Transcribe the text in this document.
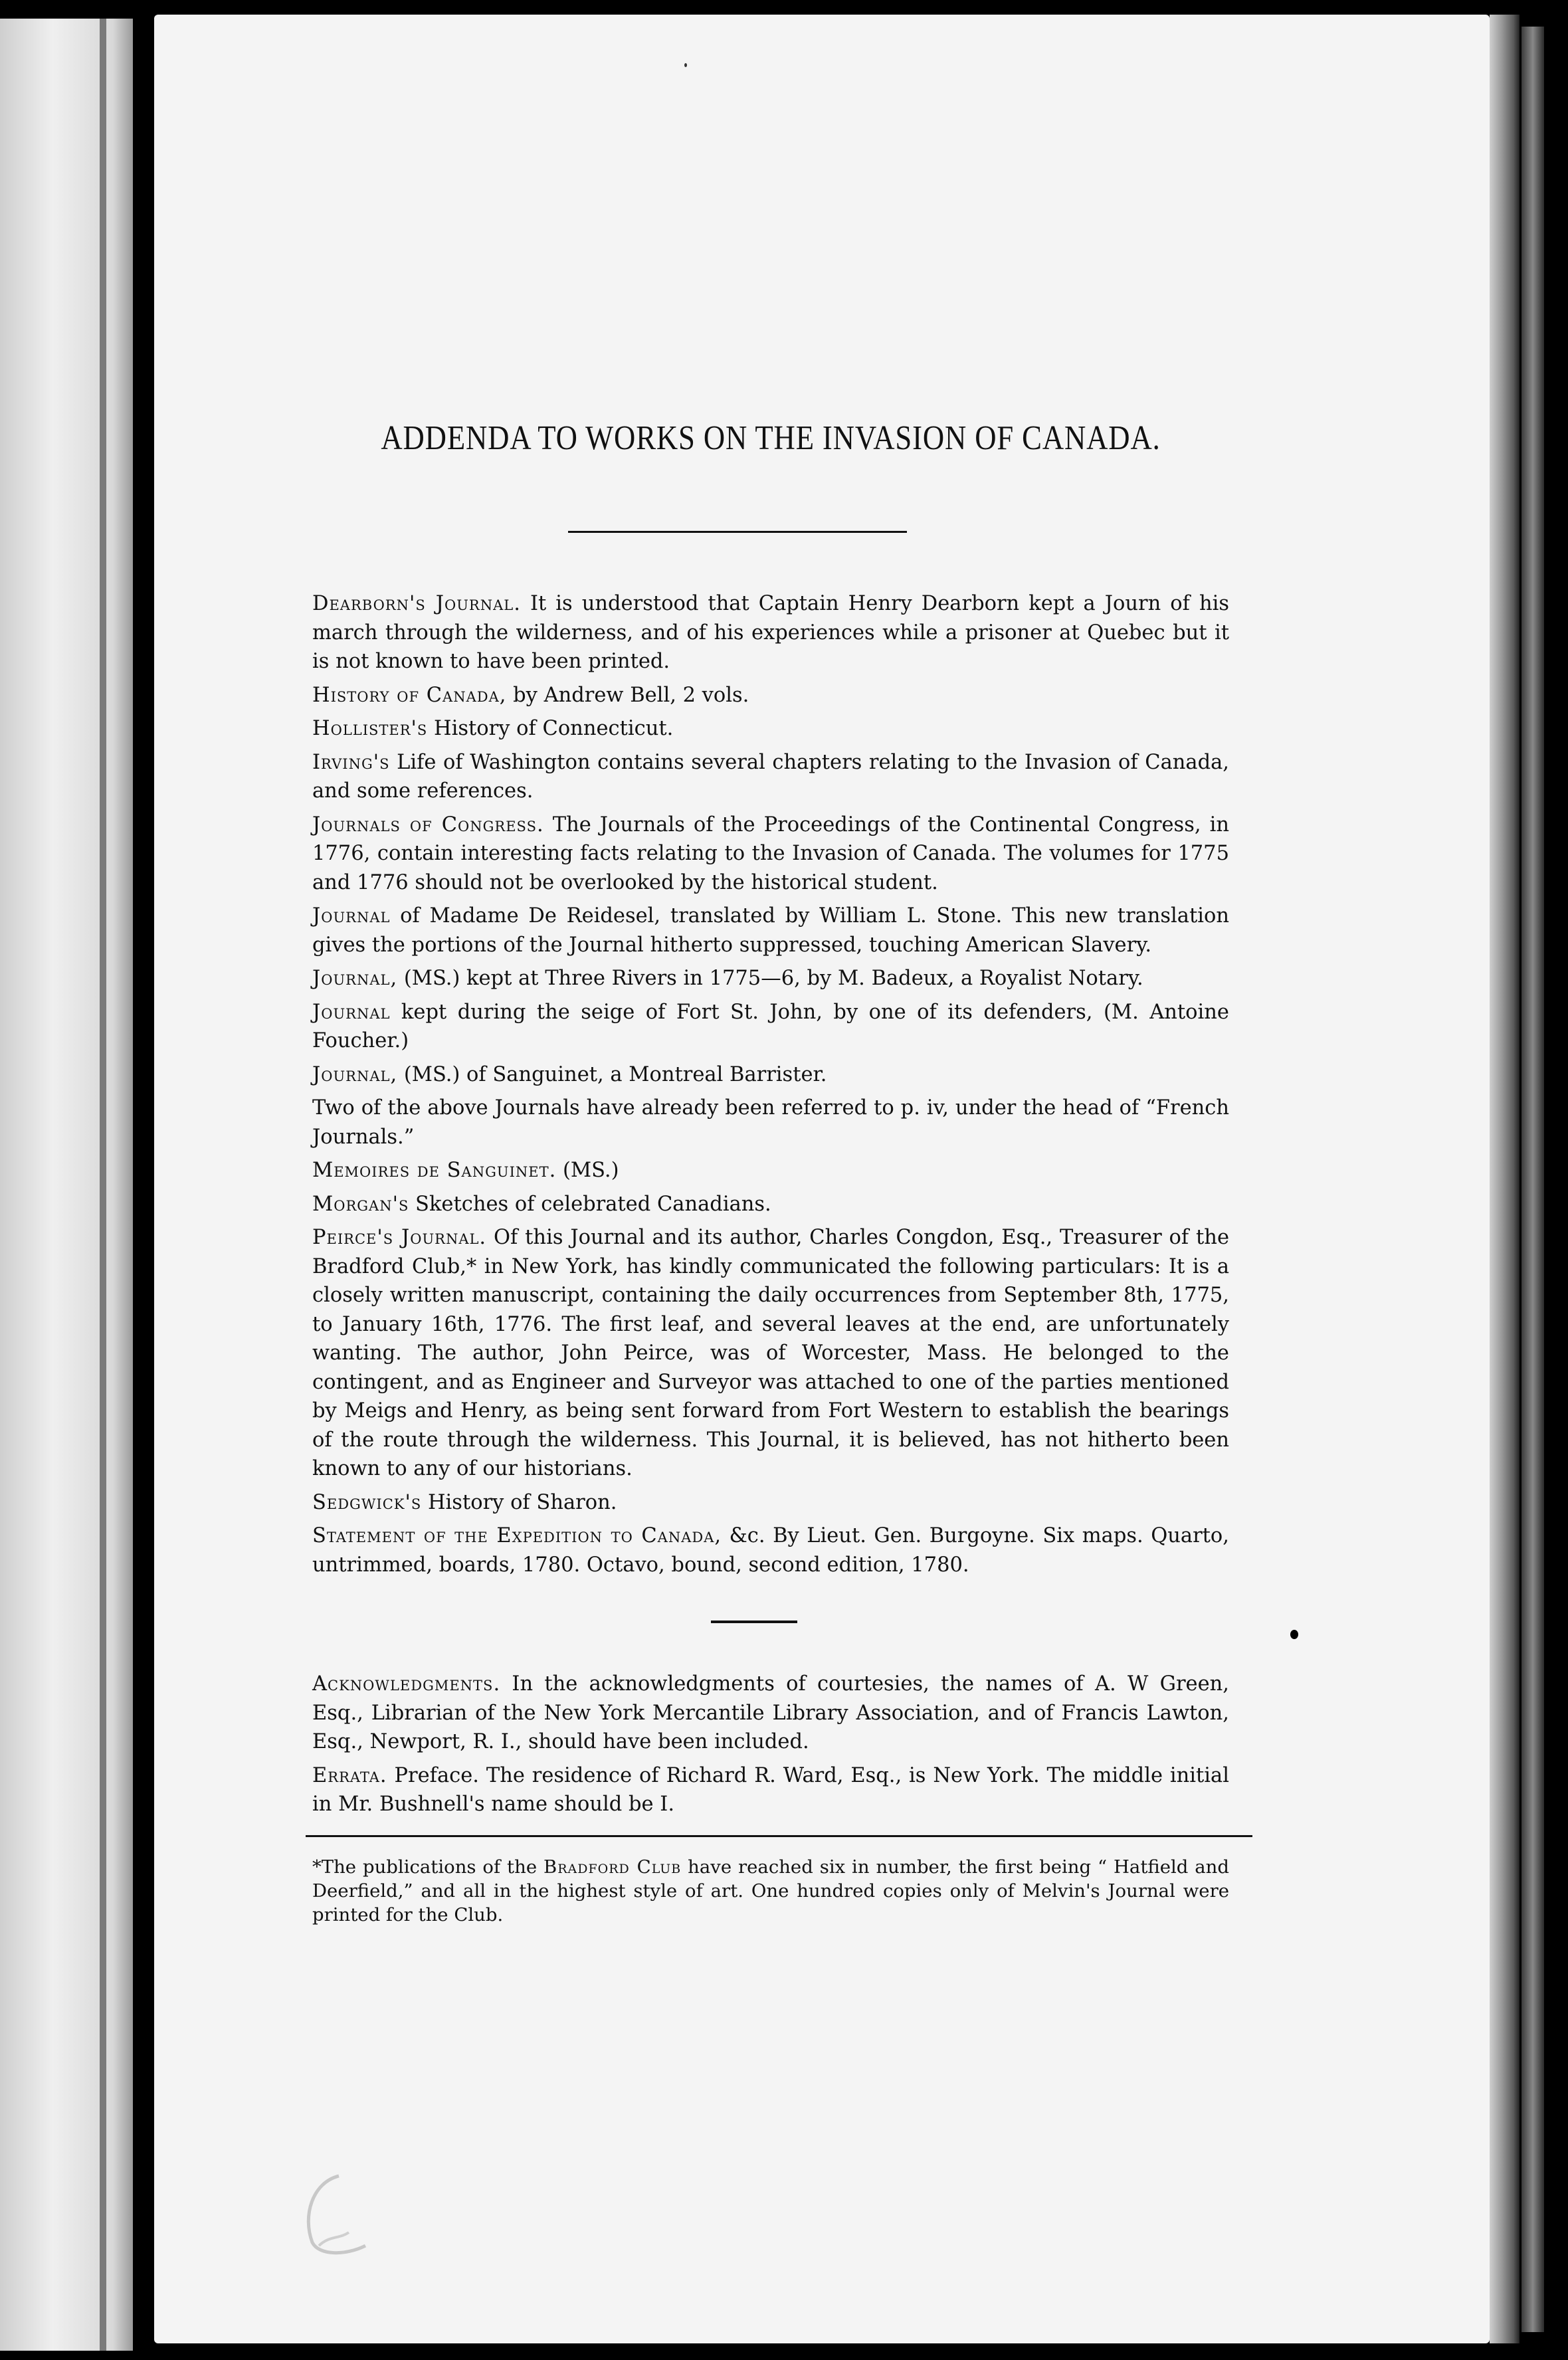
ADDENDA TO WORKS ON THE INVASION OF CANADA.

Dearborn's Journal. It is understood that Captain Henry Dearborn kept a Journ of his march through the wilderness, and of his experiences while a prisoner at Quebec but it is not known to have been printed.

History of Canada, by Andrew Bell, 2 vols.

Hollister's History of Connecticut.

Irving's Life of Washington contains several chapters relating to the Invasion of Canada, and some references.

Journals of Congress. The Journals of the Proceedings of the Continental Congress, in 1776, contain interesting facts relating to the Invasion of Canada. The volumes for 1775 and 1776 should not be overlooked by the historical student.

Journal of Madame De Reidesel, translated by William L. Stone. This new translation gives the portions of the Journal hitherto suppressed, touching American Slavery.

Journal, (MS.) kept at Three Rivers in 1775—6, by M. Badeux, a Royalist Notary.

Journal kept during the seige of Fort St. John, by one of its defenders, (M. Antoine Foucher.)

Journal, (MS.) of Sanguinet, a Montreal Barrister.

Two of the above Journals have already been referred to p. iv, under the head of “French Journals.”

Memoires de Sanguinet. (MS.)

Morgan's Sketches of celebrated Canadians.

Peirce's Journal. Of this Journal and its author, Charles Congdon, Esq., Treasurer of the Bradford Club,* in New York, has kindly communicated the following particulars: It is a closely written manuscript, containing the daily occurrences from September 8th, 1775, to January 16th, 1776. The first leaf, and several leaves at the end, are unfortunately wanting. The author, John Peirce, was of Worcester, Mass. He belonged to the contingent, and as Engineer and Surveyor was attached to one of the parties mentioned by Meigs and Henry, as being sent forward from Fort Western to establish the bearings of the route through the wilderness. This Journal, it is believed, has not hitherto been known to any of our historians.

Sedgwick's History of Sharon.

Statement of the Expedition to Canada, &c. By Lieut. Gen. Burgoyne. Six maps. Quarto, untrimmed, boards, 1780. Octavo, bound, second edition, 1780.

Acknowledgments. In the acknowledgments of courtesies, the names of A. W Green, Esq., Librarian of the New York Mercantile Library Association, and of Francis Lawton, Esq., Newport, R. I., should have been included.

Errata. Preface. The residence of Richard R. Ward, Esq., is New York. The middle initial in Mr. Bushnell's name should be I.

*The publications of the Bradford Club have reached six in number, the first being “ Hatfield and Deerfield,” and all in the highest style of art. One hundred copies only of Melvin's Journal were printed for the Club.
